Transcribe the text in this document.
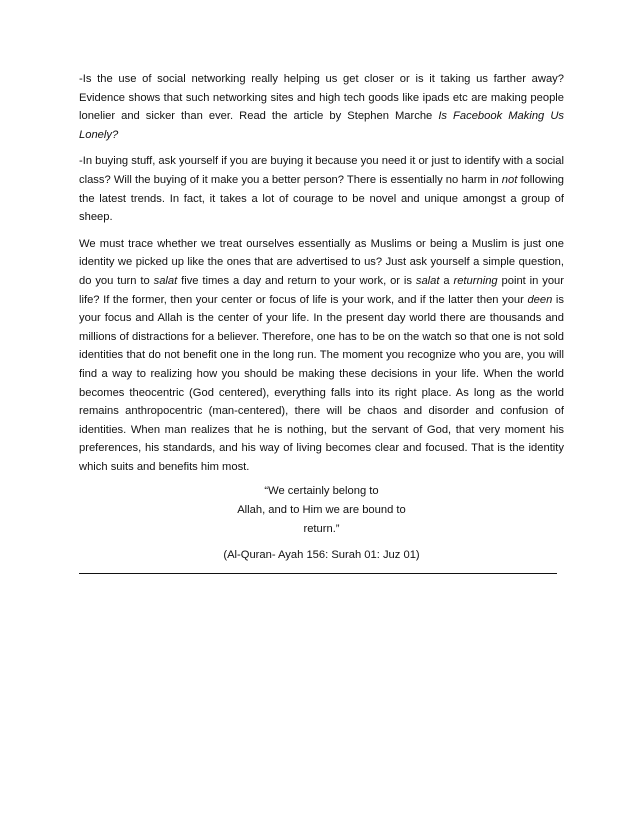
-Is the use of social networking really helping us get closer or is it taking us farther away? Evidence shows that such networking sites and high tech goods like ipads etc are making people lonelier and sicker than ever. Read the article by Stephen Marche Is Facebook Making Us Lonely?

-In buying stuff, ask yourself if you are buying it because you need it or just to identify with a social class? Will the buying of it make you a better person? There is essentially no harm in not following the latest trends. In fact, it takes a lot of courage to be novel and unique amongst a group of sheep.

We must trace whether we treat ourselves essentially as Muslims or being a Muslim is just one identity we picked up like the ones that are advertised to us? Just ask yourself a simple question, do you turn to salat five times a day and return to your work, or is salat a returning point in your life? If the former, then your center or focus of life is your work, and if the latter then your deen is your focus and Allah is the center of your life. In the present day world there are thousands and millions of distractions for a believer. Therefore, one has to be on the watch so that one is not sold identities that do not benefit one in the long run. The moment you recognize who you are, you will find a way to realizing how you should be making these decisions in your life. When the world becomes theocentric (God centered), everything falls into its right place. As long as the world remains anthropocentric (man-centered), there will be chaos and disorder and confusion of identities. When man realizes that he is nothing, but the servant of God, that very moment his preferences, his standards, and his way of living becomes clear and focused. That is the identity which suits and benefits him most.

“We certainly belong to
Allah, and to Him we are bound to
return.”
(Al-Quran- Ayah 156: Surah 01: Juz 01)
